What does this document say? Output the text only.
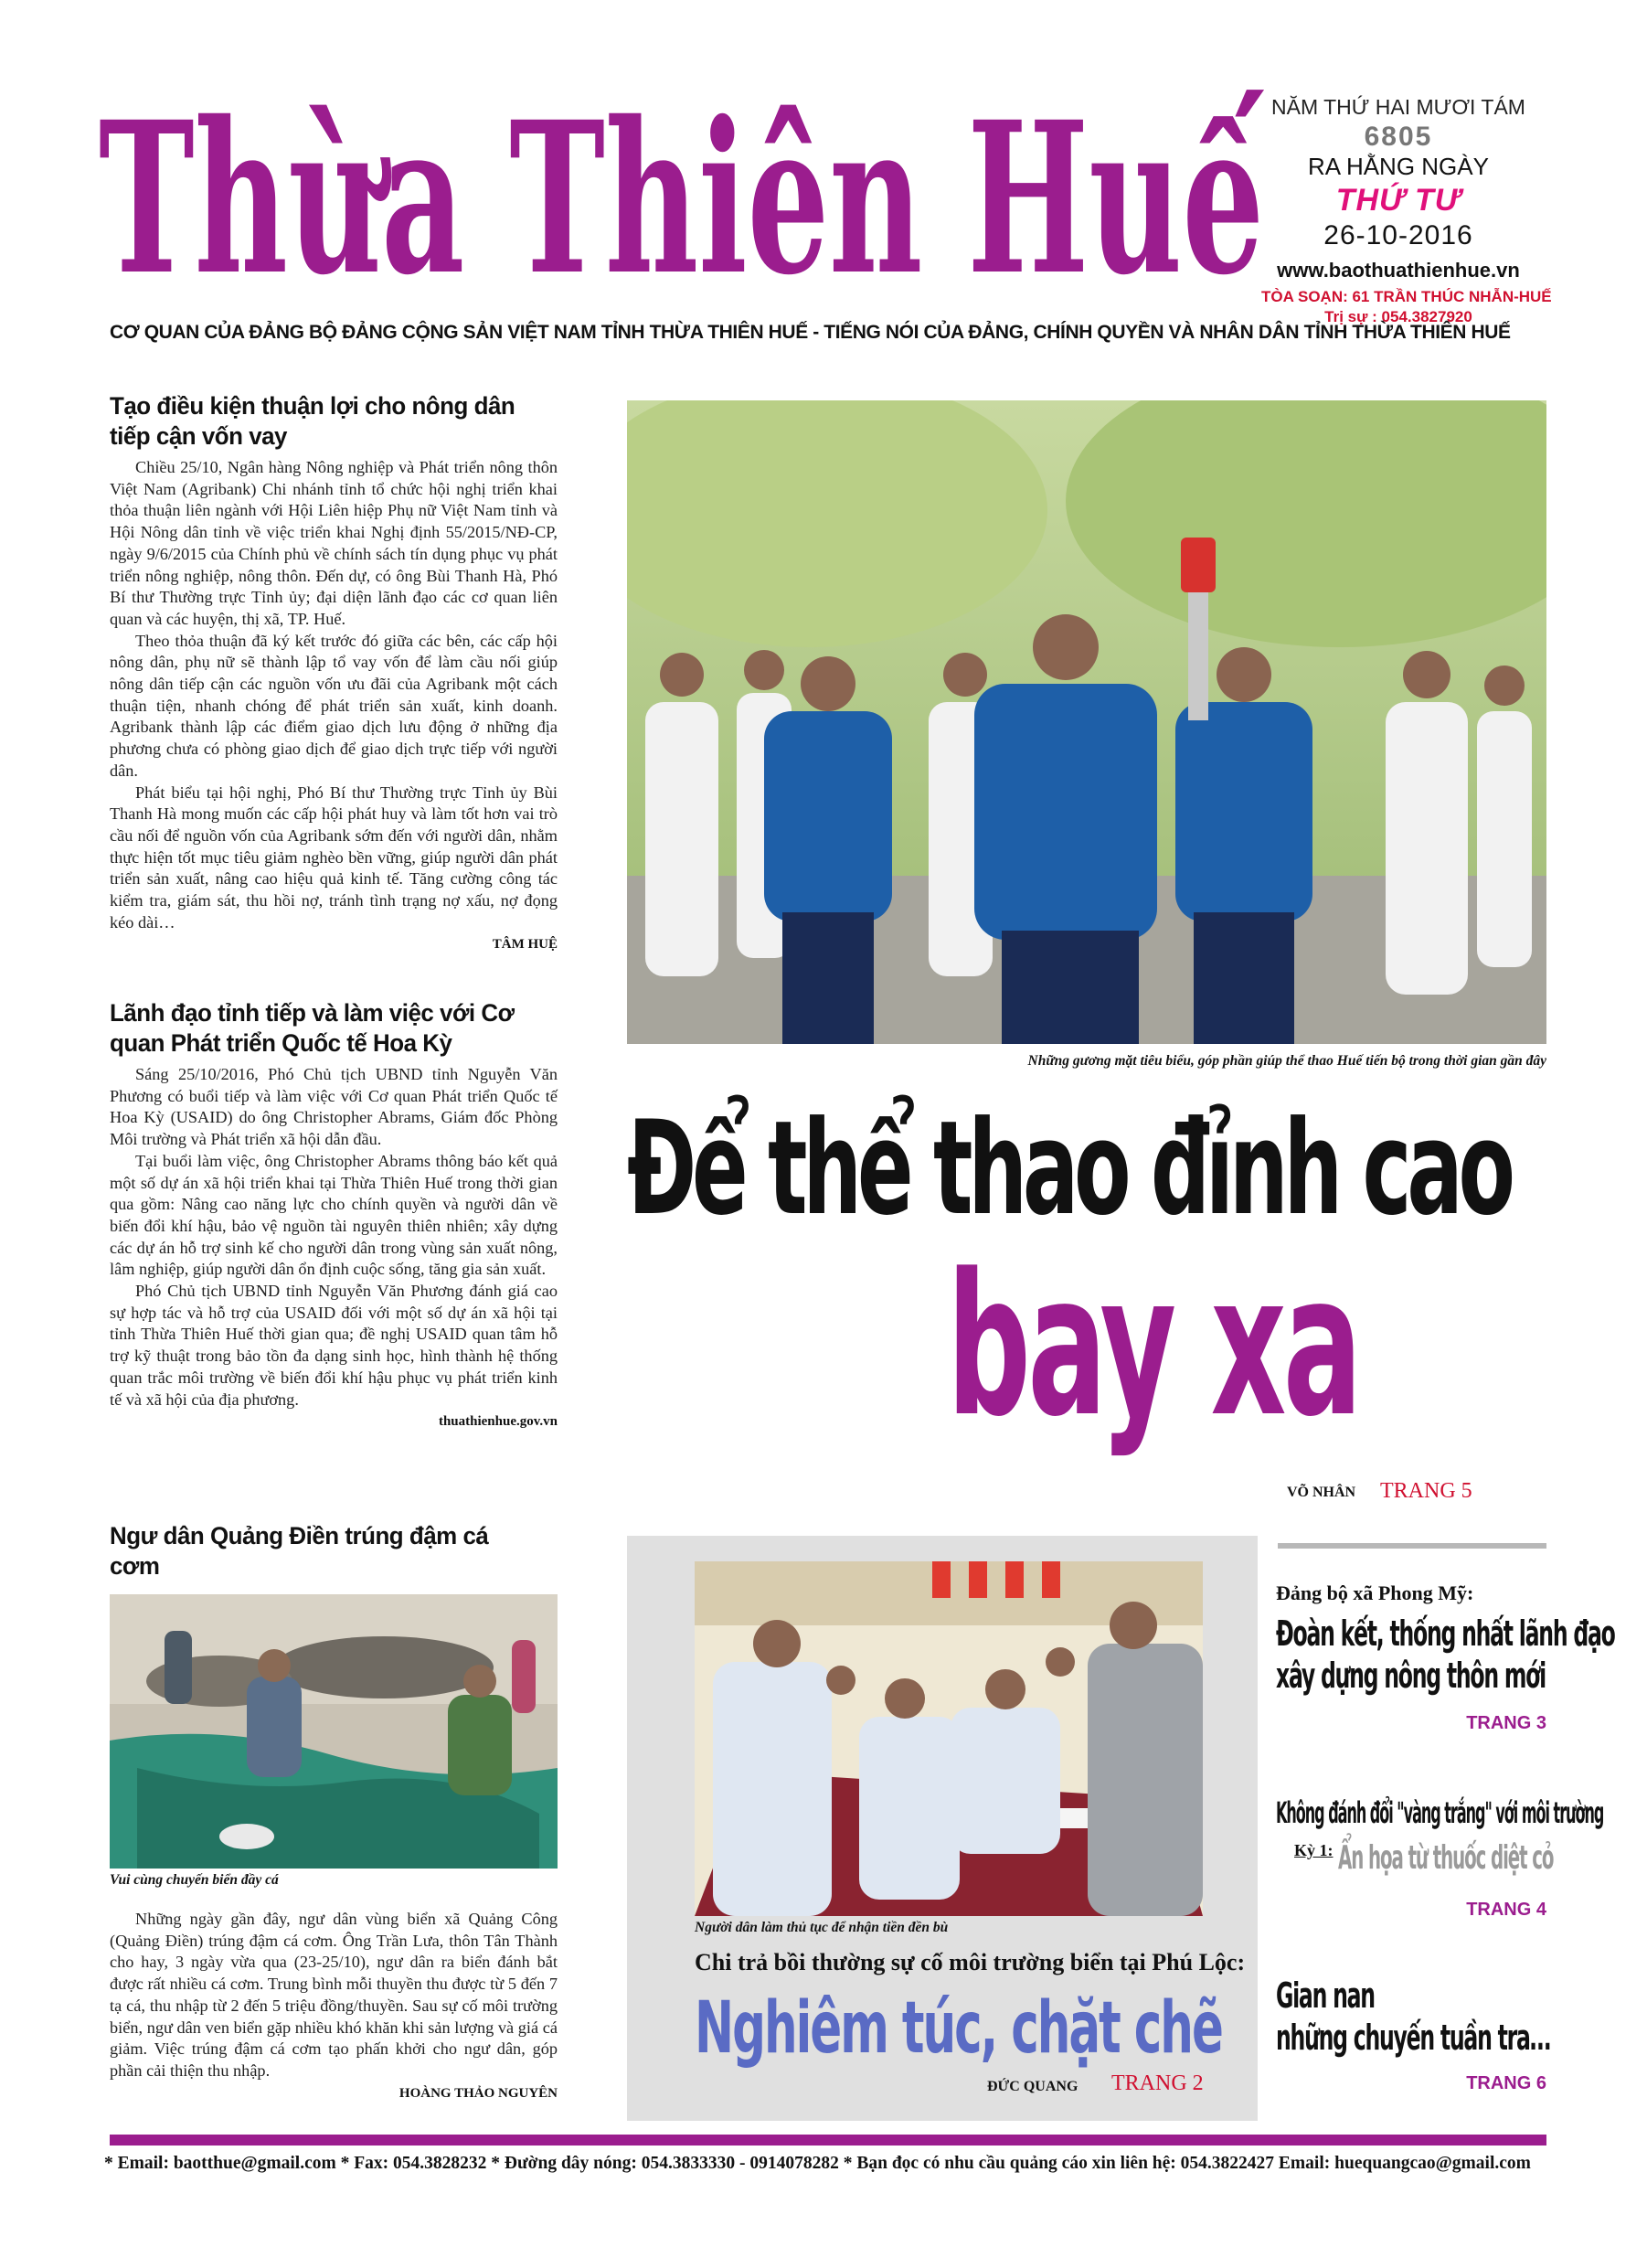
Thừa Thiên Huế
CƠ QUAN CỦA ĐẢNG BỘ ĐẢNG CỘNG SẢN VIỆT NAM TỈNH THỪA THIÊN HUẾ - TIẾNG NÓI CỦA ĐẢNG, CHÍNH QUYỀN VÀ NHÂN DÂN TỈNH THỪA THIÊN HUẾ
NĂM THỨ HAI MƯƠI TÁM
6805
RA HẰNG NGÀY
THỨ TƯ
26-10-2016
www.baothuathienhue.vn
TÒA SOẠN: 61 TRẦN THÚC NHẪN-HUẾ
Trị sự : 054.3827920
Tạo điều kiện thuận lợi cho nông dân tiếp cận vốn vay

Chiều 25/10, Ngân hàng Nông nghiệp và Phát triển nông thôn Việt Nam (Agribank) Chi nhánh tỉnh tổ chức hội nghị triển khai thỏa thuận liên ngành với Hội Liên hiệp Phụ nữ Việt Nam tỉnh và Hội Nông dân tỉnh về việc triển khai Nghị định 55/2015/NĐ-CP, ngày 9/6/2015 của Chính phủ về chính sách tín dụng phục vụ phát triển nông nghiệp, nông thôn. Đến dự, có ông Bùi Thanh Hà, Phó Bí thư Thường trực Tỉnh ủy; đại diện lãnh đạo các cơ quan liên quan và các huyện, thị xã, TP. Huế.

Theo thỏa thuận đã ký kết trước đó giữa các bên, các cấp hội nông dân, phụ nữ sẽ thành lập tổ vay vốn để làm cầu nối giúp nông dân tiếp cận các nguồn vốn ưu đãi của Agribank một cách thuận tiện, nhanh chóng để phát triển sản xuất, kinh doanh. Agribank thành lập các điểm giao dịch lưu động ở những địa phương chưa có phòng giao dịch để giao dịch trực tiếp với người dân.

Phát biểu tại hội nghị, Phó Bí thư Thường trực Tỉnh ủy Bùi Thanh Hà mong muốn các cấp hội phát huy và làm tốt hơn vai trò cầu nối để nguồn vốn của Agribank sớm đến với người dân, nhằm thực hiện tốt mục tiêu giảm nghèo bền vững, giúp người dân phát triển sản xuất, nâng cao hiệu quả kinh tế. Tăng cường công tác kiểm tra, giám sát, thu hồi nợ, tránh tình trạng nợ xấu, nợ đọng kéo dài…

TÂM HUỆ
Lãnh đạo tỉnh tiếp và làm việc với Cơ quan Phát triển Quốc tế Hoa Kỳ

Sáng 25/10/2016, Phó Chủ tịch UBND tỉnh Nguyễn Văn Phương có buổi tiếp và làm việc với Cơ quan Phát triển Quốc tế Hoa Kỳ (USAID) do ông Christopher Abrams, Giám đốc Phòng Môi trường và Phát triển xã hội dẫn đầu.

Tại buổi làm việc, ông Christopher Abrams thông báo kết quả một số dự án xã hội triển khai tại Thừa Thiên Huế trong thời gian qua gồm: Nâng cao năng lực cho chính quyền và người dân về biến đổi khí hậu, bảo vệ nguồn tài nguyên thiên nhiên; xây dựng các dự án hỗ trợ sinh kế cho người dân trong vùng sản xuất nông, lâm nghiệp, giúp người dân ổn định cuộc sống, tăng gia sản xuất.

Phó Chủ tịch UBND tỉnh Nguyễn Văn Phương đánh giá cao sự hợp tác và hỗ trợ của USAID đối với một số dự án xã hội tại tỉnh Thừa Thiên Huế thời gian qua; đề nghị USAID quan tâm hỗ trợ kỹ thuật trong bảo tồn đa dạng sinh học, hình thành hệ thống quan trắc môi trường về biến đổi khí hậu phục vụ phát triển kinh tế và xã hội của địa phương.

thuathienhue.gov.vn
Ngư dân Quảng Điền trúng đậm cá cơm
Vui cùng chuyến biển đầy cá

Những ngày gần đây, ngư dân vùng biển xã Quảng Công (Quảng Điền) trúng đậm cá cơm. Ông Trần Lưa, thôn Tân Thành cho hay, 3 ngày vừa qua (23-25/10), ngư dân ra biển đánh bắt được rất nhiều cá cơm. Trung bình mỗi thuyền thu được từ 5 đến 7 tạ cá, thu nhập từ 2 đến 5 triệu đồng/thuyền. Sau sự cố môi trường biển, ngư dân ven biển gặp nhiều khó khăn khi sản lượng và giá cá giảm. Việc trúng đậm cá cơm tạo phấn khởi cho ngư dân, góp phần cải thiện thu nhập.

HOÀNG THẢO NGUYÊN
Những gương mặt tiêu biểu, góp phần giúp thể thao Huế tiến bộ trong thời gian gần đây
Để thể thao đỉnh cao
bay xa
VÕ NHÂN TRANG 5
Người dân làm thủ tục để nhận tiền đền bù
Chi trả bồi thường sự cố môi trường biển tại Phú Lộc:
Nghiêm túc, chặt chẽ
ĐỨC QUANG TRANG 2
Đảng bộ xã Phong Mỹ:
Đoàn kết, thống nhất lãnh đạo
xây dựng nông thôn mới
TRANG 3
Không đánh đổi "vàng trắng" với môi trường
Kỳ 1: Ẩn họa từ thuốc diệt cỏ
TRANG 4
Gian nan
những chuyến tuần tra…
TRANG 6
* Email: baotthue@gmail.com * Fax: 054.3828232 * Đường dây nóng: 054.3833330 - 0914078282 * Bạn đọc có nhu cầu quảng cáo xin liên hệ: 054.3822427 Email: huequangcao@gmail.com
